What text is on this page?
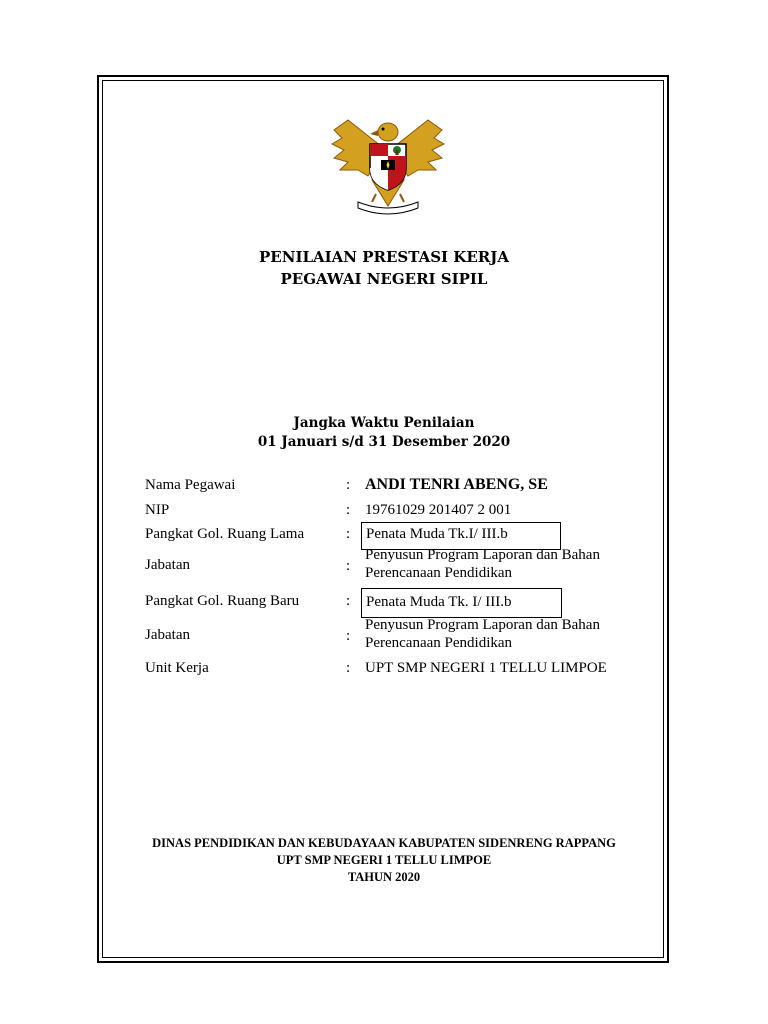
PENILAIAN PRESTASI KERJA
PEGAWAI NEGERI SIPIL
Jangka Waktu Penilaian
01 Januari s/d 31 Desember 2020
Nama Pegawai	: ANDI TENRI ABENG, SE
NIP	: 19761029 201407 2 001
Pangkat Gol. Ruang Lama	:	Penata Muda Tk.I/ III.b
Jabatan	:
Penyusun Program Laporan dan Bahan
Perencanaan Pendidikan
Pangkat Gol. Ruang Baru	:	Penata Muda Tk. I/ III.b
Jabatan	:
Penyusun Program Laporan dan Bahan
Perencanaan Pendidikan
Unit Kerja	: UPT SMP NEGERI 1 TELLU LIMPOE
DINAS PENDIDIKAN DAN KEBUDAYAAN KABUPATEN SIDENRENG RAPPANG
UPT SMP NEGERI 1 TELLU LIMPOE
TAHUN 2020
